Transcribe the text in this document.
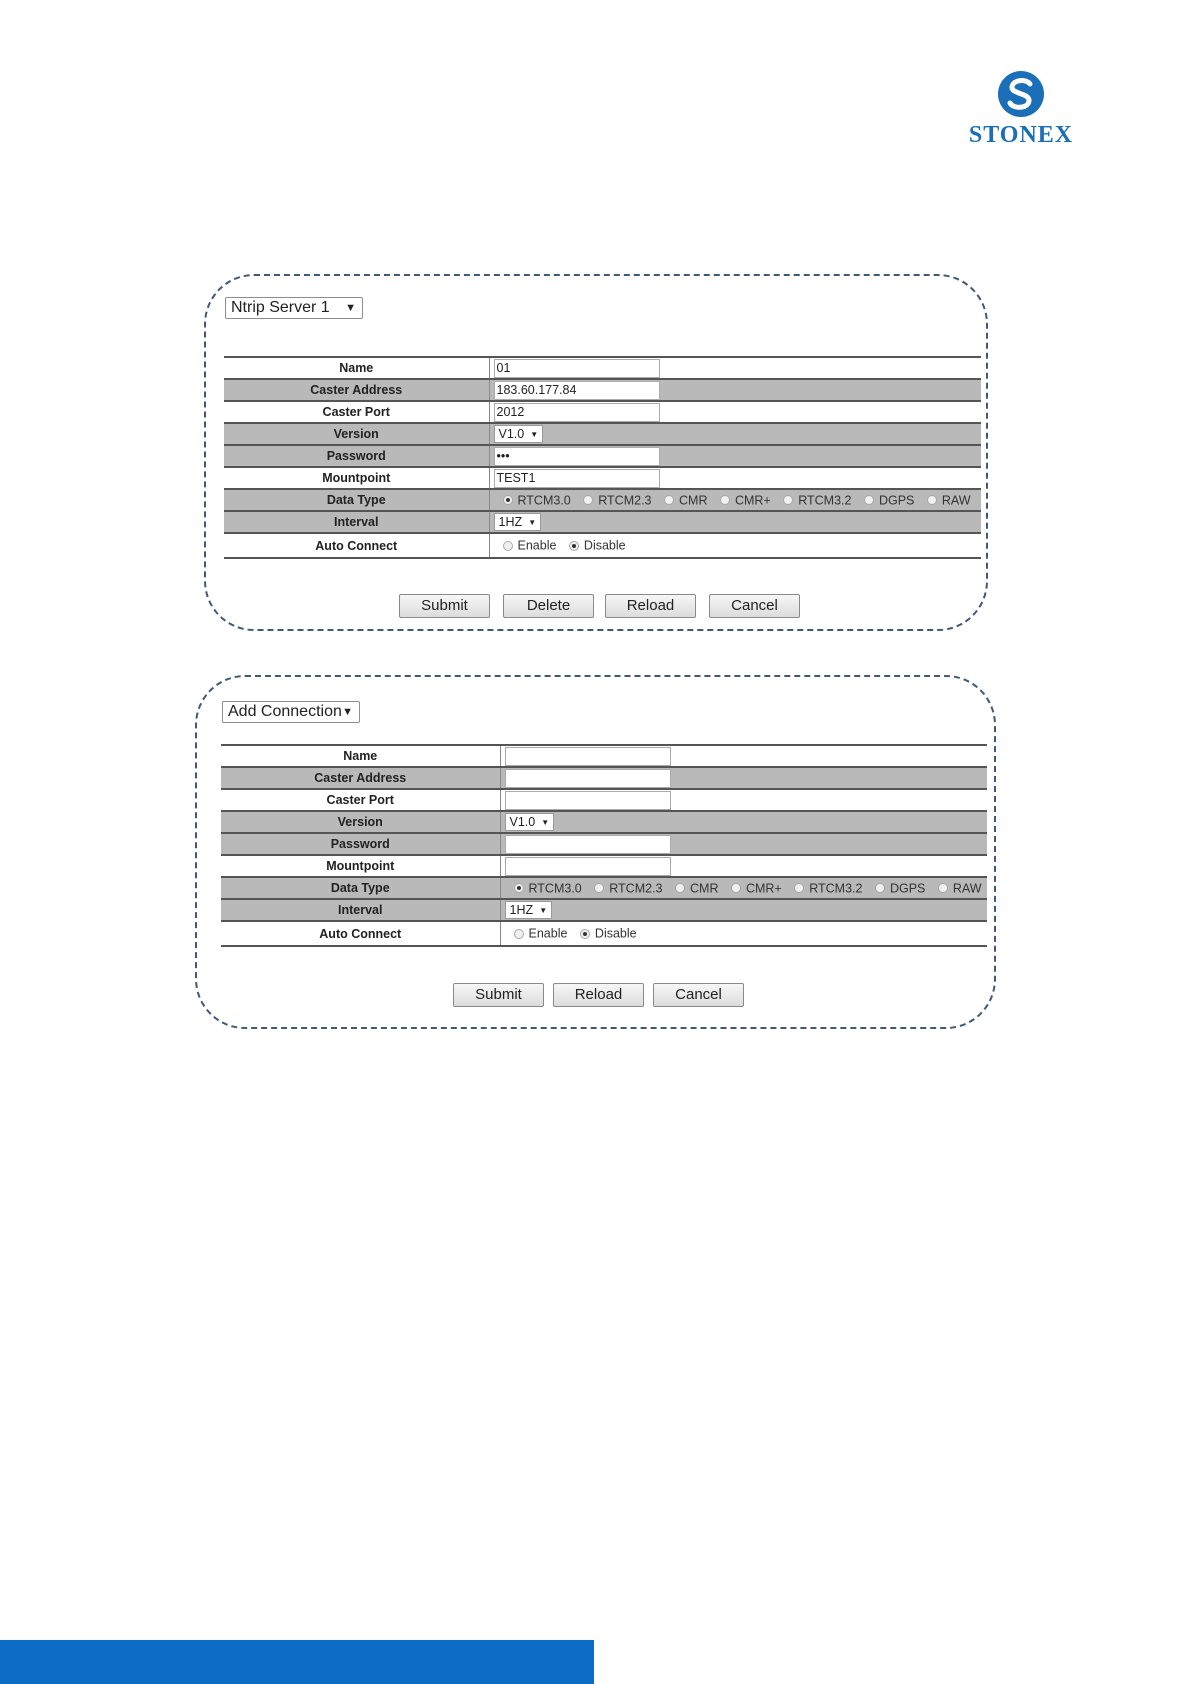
STONEX
Ntrip Server 1 ▼
Name	01
Caster Address	183.60.177.84
Caster Port	2012
Version	V1.0 ▼

Password	•••
Mountpoint	TEST1
Data Type	RTCM3.0 RTCM2.3 CMR CMR+ RTCM3.2 DGPS RAW
Interval	1HZ ▼

Auto Connect	Enable Disable
Submit	Delete	Reload	Cancel
Add Connection ▼
Name	
Caster Address	
Caster Port	
Version	V1.0 ▼

Password	
Mountpoint	
Data Type	RTCM3.0 RTCM2.3 CMR CMR+ RTCM3.2 DGPS RAW
Interval	1HZ ▼

Auto Connect	Enable Disable
Submit	Reload	Cancel
